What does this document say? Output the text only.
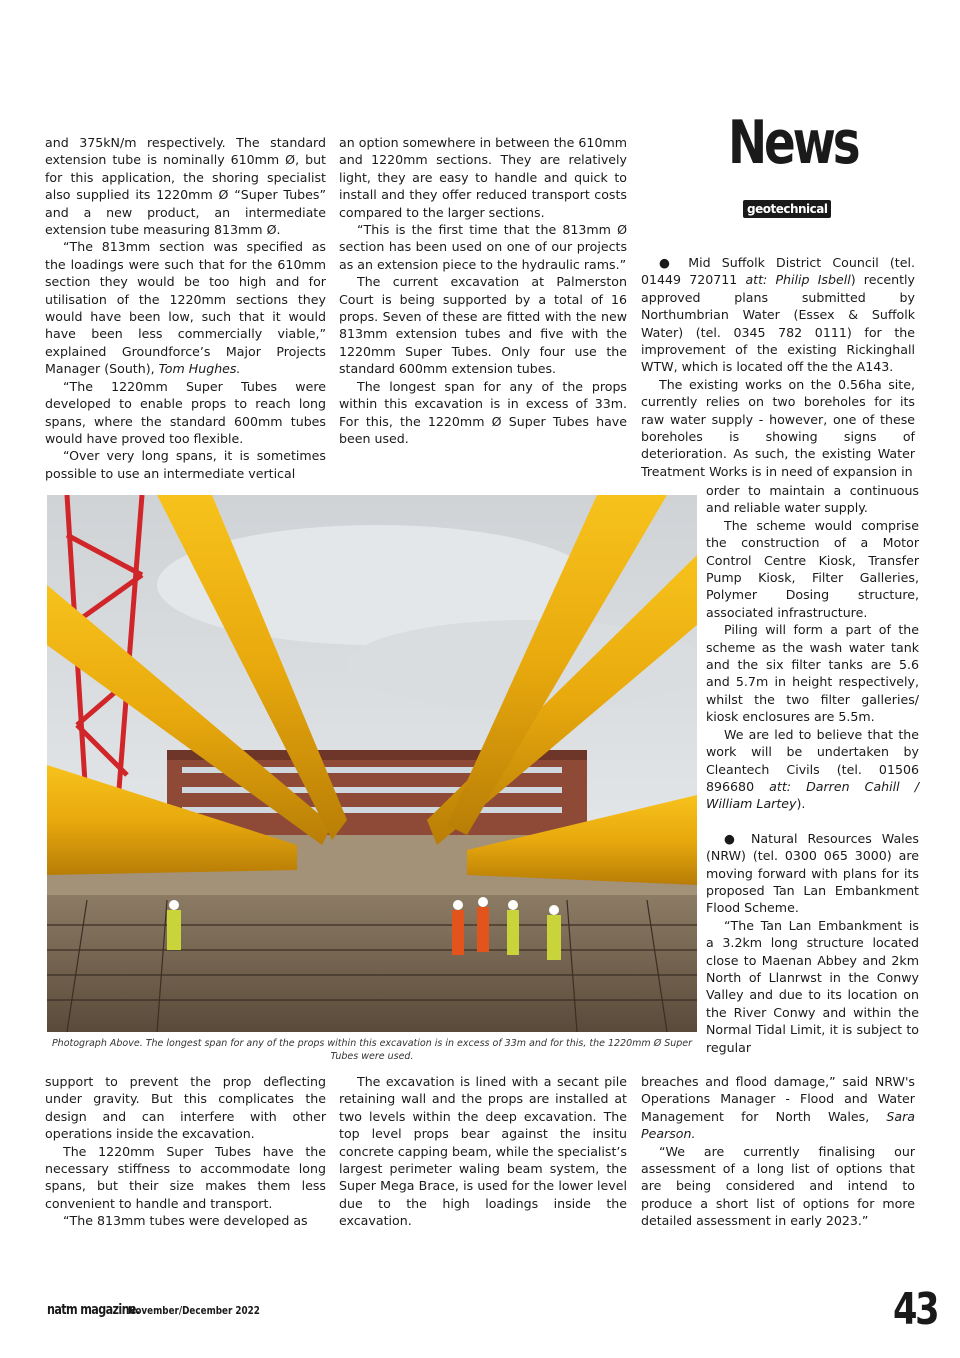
News
geotechnical

and 375kN/m respectively. The standard extension tube is nominally 610mm Ø, but for this application, the shoring specialist also supplied its 1220mm Ø “Super Tubes” and a new product, an intermediate extension tube measuring 813mm Ø.

“The 813mm section was specified as the loadings were such that for the 610mm section they would be too high and for utilisation of the 1220mm sections they would have been low, such that it would have been less commercially viable,” explained Groundforce’s Major Projects Manager (South), Tom Hughes.

“The 1220mm Super Tubes were developed to enable props to reach long spans, where the standard 600mm tubes would have proved too flexible.

“Over very long spans, it is sometimes possible to use an intermediate vertical

an option somewhere in between the 610mm and 1220mm sections. They are relatively light, they are easy to handle and quick to install and they offer reduced transport costs compared to the larger sections.

“This is the first time that the 813mm Ø section has been used on one of our projects as an extension piece to the hydraulic rams.”

The current excavation at Palmerston Court is being supported by a total of 16 props. Seven of these are fitted with the new 813mm extension tubes and five with the 1220mm Super Tubes. Only four use the standard 600mm extension tubes.

The longest span for any of the props within this excavation is in excess of 33m. For this, the 1220mm Ø Super Tubes have been used.

● Mid Suffolk District Council (tel. 01449 720711 att: Philip Isbell) recently approved plans submitted by Northumbrian Water (Essex & Suffolk Water) (tel. 0345 782 0111) for the improvement of the existing Rickinghall WTW, which is located off the the A143.

The existing works on the 0.56ha site, currently relies on two boreholes for its raw water supply - however, one of these boreholes is showing signs of deterioration. As such, the existing Water Treatment Works is in need of expansion in

order to maintain a continuous and reliable water supply.

The scheme would comprise the construction of a Motor Control Centre Kiosk, Transfer Pump Kiosk, Filter Galleries, Polymer Dosing structure, associated infrastructure.

Piling will form a part of the scheme as the wash water tank and the six filter tanks are 5.6 and 5.7m in height respectively, whilst the two filter galleries/ kiosk enclosures are 5.5m.

We are led to believe that the work will be undertaken by Cleantech Civils (tel. 01506 896680 att: Darren Cahill / William Lartey).

● Natural Resources Wales (NRW) (tel. 0300 065 3000) are moving forward with plans for its proposed Tan Lan Embankment Flood Scheme.

“The Tan Lan Embankment is a 3.2km long structure located close to Maenan Abbey and 2km North of Llanrwst in the Conwy Valley and due to its location on the River Conwy and within the Normal Tidal Limit, it is subject to regular

breaches and flood damage,” said NRW's Operations Manager - Flood and Water Management for North Wales, Sara Pearson.

“We are currently finalising our assessment of a long list of options that are being considered and intend to produce a short list of options for more detailed assessment in early 2023.”

Photograph Above. The longest span for any of the props within this excavation is in excess of 33m and for this, the 1220mm Ø Super Tubes were used.

support to prevent the prop deflecting under gravity. But this complicates the design and can interfere with other operations inside the excavation.

The 1220mm Super Tubes have the necessary stiffness to accommodate long spans, but their size makes them less convenient to handle and transport.

“The 813mm tubes were developed as

The excavation is lined with a secant pile retaining wall and the props are installed at two levels within the deep excavation. The top level props bear against the insitu concrete capping beam, while the specialist’s largest perimeter waling beam system, the Super Mega Brace, is used for the lower level due to the high loadings inside the excavation.

natm magazine.
November/December 2022	43
